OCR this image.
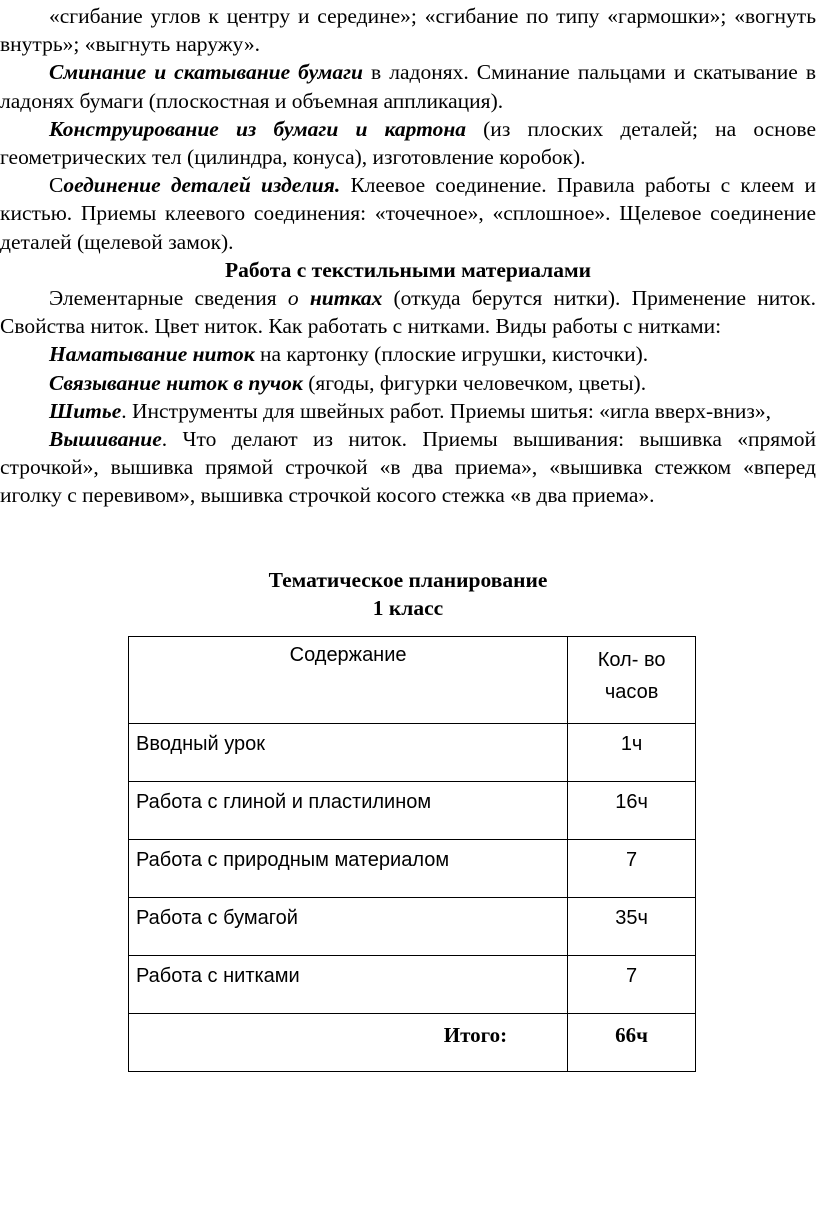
«сгибание углов к центру и середине»; «сгибание по типу «гармошки»; «вогнуть внутрь»; «выгнуть наружу».

Сминание и скатывание бумаги в ладонях. Сминание пальцами и скатывание в ладонях бумаги (плоскостная и объемная аппликация).

Конструирование из бумаги и картона (из плоских деталей; на основе геометрических тел (цилиндра, конуса), изготовление коробок).

Соединение деталей изделия. Клеевое соединение. Правила работы с клеем и кистью. Приемы клеевого соединения: «точечное», «сплошное». Щелевое соединение деталей (щелевой замок).

Работа с текстильными материалами

Элементарные сведения о нитках (откуда берутся нитки). Применение ниток. Свойства ниток. Цвет ниток. Как работать с нитками. Виды работы с нитками:

Наматывание ниток на картонку (плоские игрушки, кисточки).

Связывание ниток в пучок (ягоды, фигурки человечком, цветы).

Шитье. Инструменты для швейных работ. Приемы шитья: «игла вверх-вниз»,

Вышивание. Что делают из ниток. Приемы вышивания: вышивка «прямой строчкой», вышивка прямой строчкой «в два приема», «вышивка стежком «вперед иголку с перевивом», вышивка строчкой косого стежка «в два приема».

Тематическое планирование
1 класс
Содержание	Кол- во
часов

Вводный урок	1ч
Работа с глиной и пластилином	16ч
Работа с природным материалом	7
Работа с бумагой	35ч
Работа с нитками	7
Итого:	66ч
